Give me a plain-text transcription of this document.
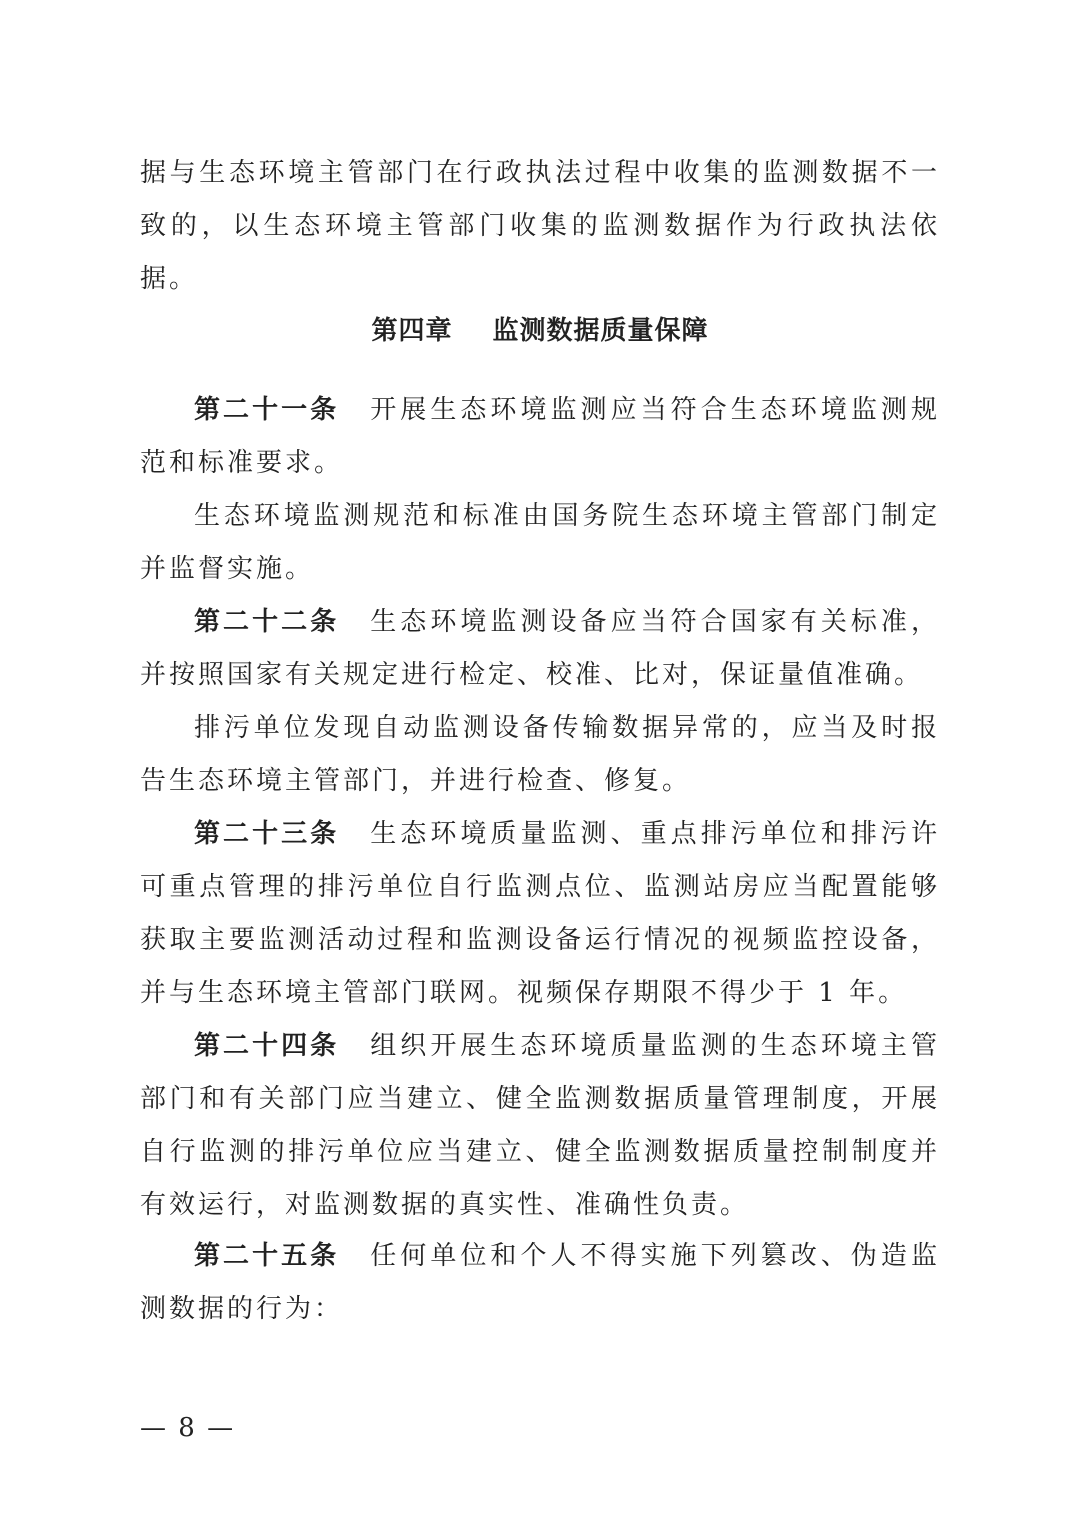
据与生态环境主管部门在行政执法过程中收集的监测数据不一致的，以生态环境主管部门收集的监测数据作为行政执法依据。
第四章 监测数据质量保障
第二十一条 开展生态环境监测应当符合生态环境监测规范和标准要求。
生态环境监测规范和标准由国务院生态环境主管部门制定并监督实施。
第二十二条 生态环境监测设备应当符合国家有关标准，并按照国家有关规定进行检定、校准、比对，保证量值准确。
排污单位发现自动监测设备传输数据异常的，应当及时报告生态环境主管部门，并进行检查、修复。
第二十三条 生态环境质量监测、重点排污单位和排污许可重点管理的排污单位自行监测点位、监测站房应当配置能够获取主要监测活动过程和监测设备运行情况的视频监控设备，并与生态环境主管部门联网。视频保存期限不得少于 1 年。
第二十四条 组织开展生态环境质量监测的生态环境主管部门和有关部门应当建立、健全监测数据质量管理制度，开展自行监测的排污单位应当建立、健全监测数据质量控制制度并有效运行，对监测数据的真实性、准确性负责。
第二十五条 任何单位和个人不得实施下列篡改、伪造监测数据的行为：
— 8 —
